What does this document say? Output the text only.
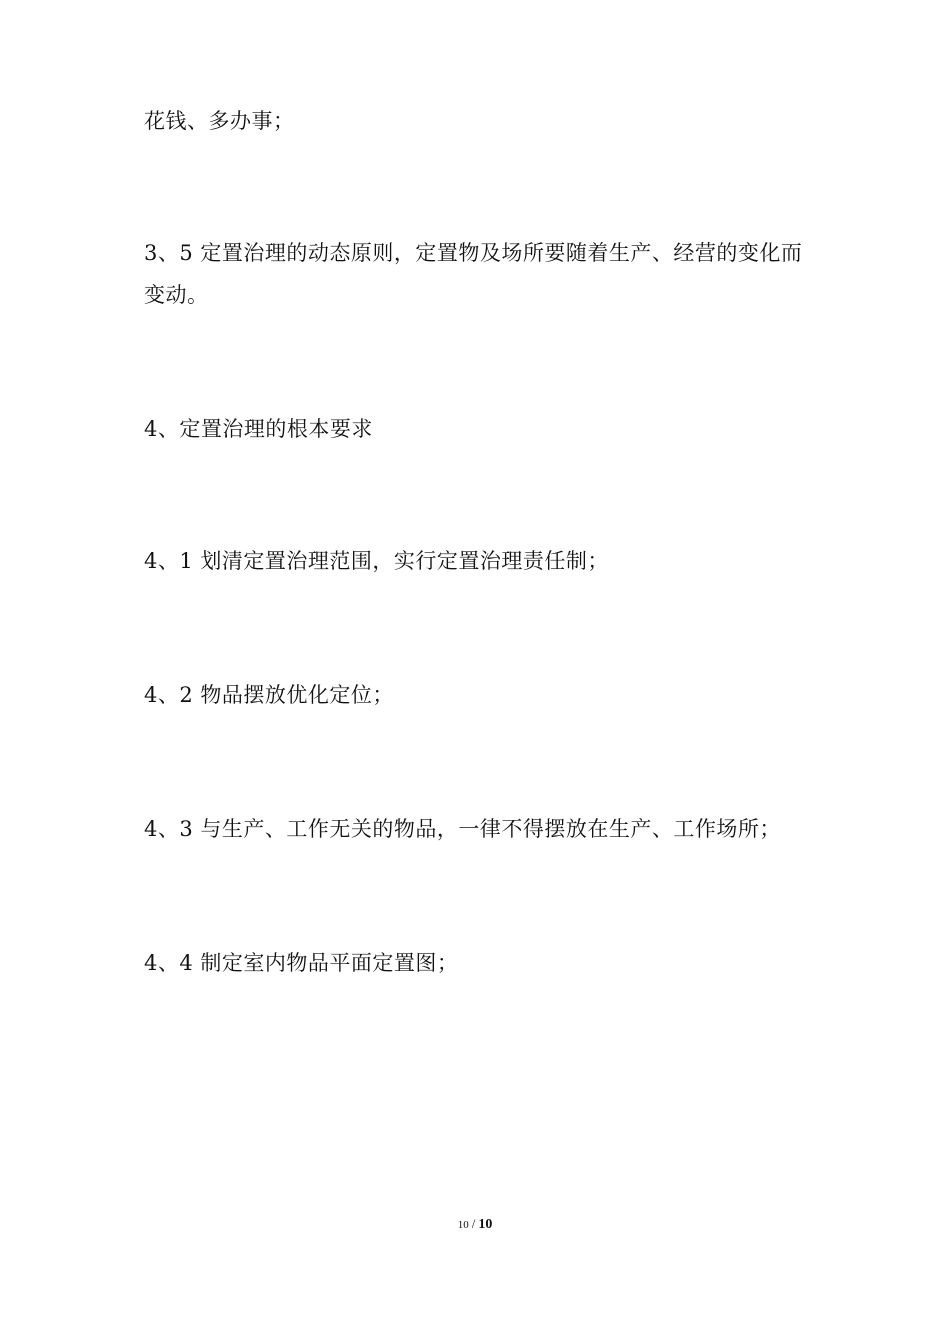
花钱、多办事；
3、5 定置治理的动态原则，定置物及场所要随着生产、经营的变化而变动。
4、定置治理的根本要求
4、1 划清定置治理范围，实行定置治理责任制；
4、2 物品摆放优化定位；
4、3 与生产、工作无关的物品，一律不得摆放在生产、工作场所；
4、4 制定室内物品平面定置图；
10 / 10
